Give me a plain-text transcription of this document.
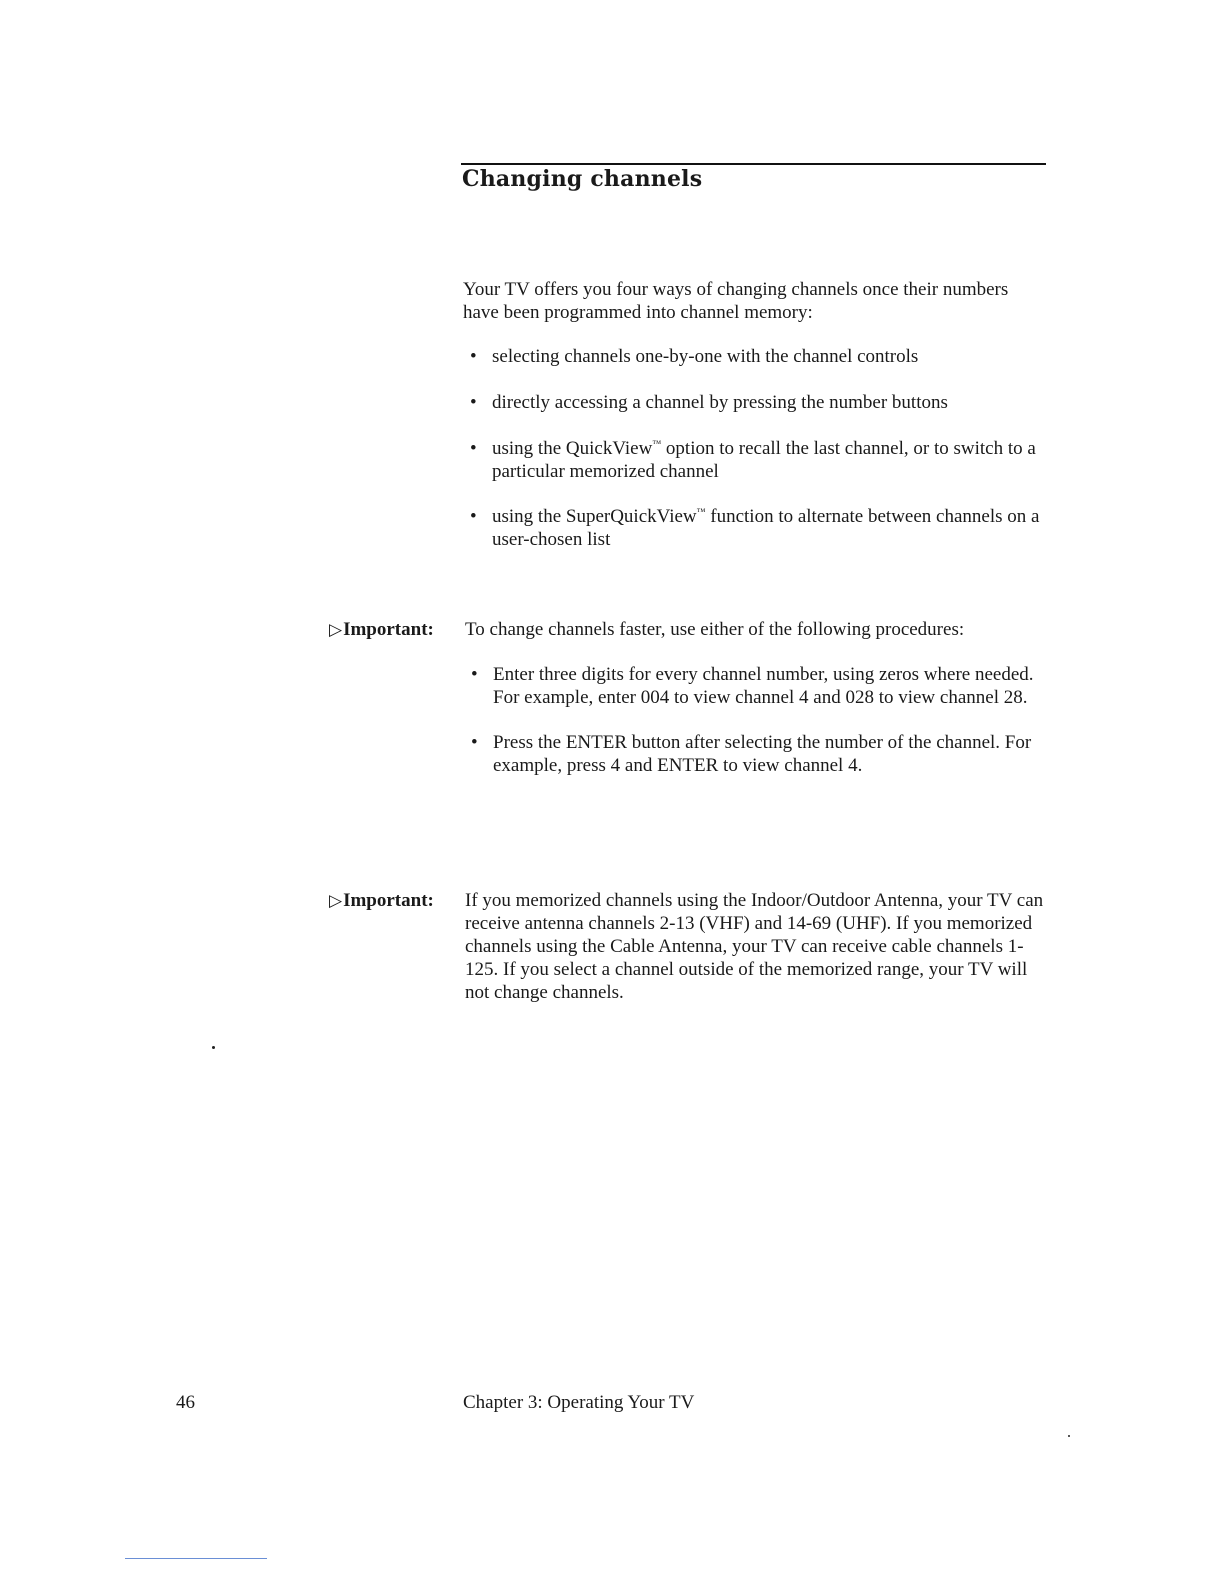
Changing channels

Your TV offers you four ways of changing channels once their numbers have been programmed into channel memory:

• selecting channels one-by-one with the channel controls
• directly accessing a channel by pressing the number buttons
• using the QuickView™ option to recall the last channel, or to switch to a particular memorized channel
• using the SuperQuickView™ function to alternate between channels on a user-chosen list
▷Important: To change channels faster, use either of the following procedures:

• Enter three digits for every channel number, using zeros where needed. For example, enter 004 to view channel 4 and 028 to view channel 28.
• Press the ENTER button after selecting the number of the channel. For example, press 4 and ENTER to view channel 4.
▷Important: If you memorized channels using the Indoor/Outdoor Antenna, your TV can receive antenna channels 2-13 (VHF) and 14-69 (UHF). If you memorized channels using the Cable Antenna, your TV can receive cable channels 1-125. If you select a channel outside of the memorized range, your TV will not change channels.

46	Chapter 3: Operating Your TV
